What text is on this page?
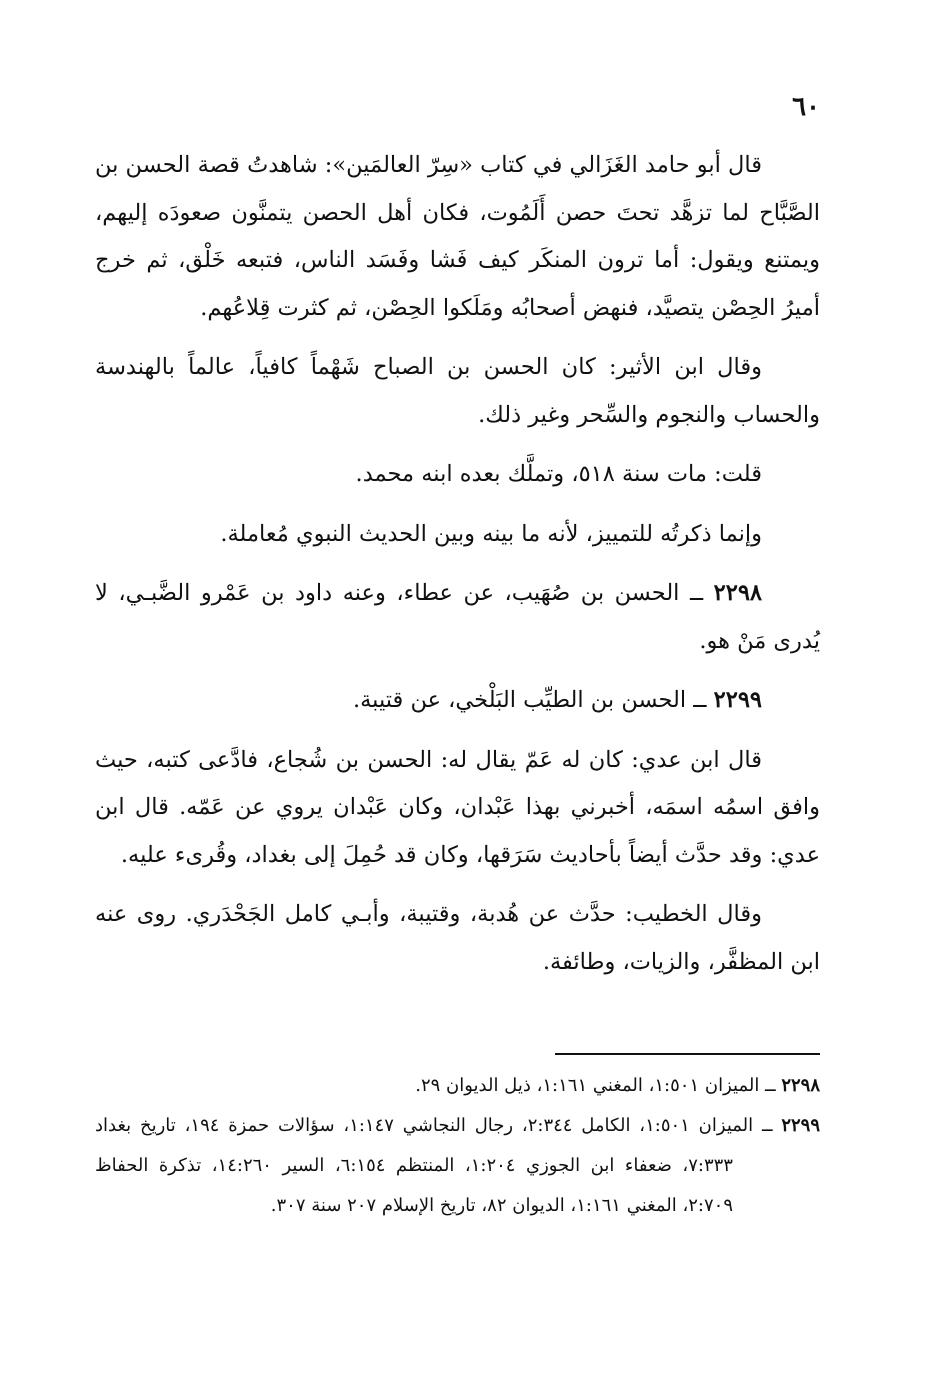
٦٠

قال أبو حامد الغَزَالي في كتاب «سِرّ العالمَين»: شاهدتُ قصة الحسن بن الصَّبَّاح لما تزهَّد تحتَ حصن أَلَمُوت، فكان أهل الحصن يتمنَّون صعودَه إليهم، ويمتنع ويقول: أما ترون المنكَر كيف فَشا وفَسَد الناس، فتبعه خَلْق، ثم خرج أميرُ الحِصْن يتصيَّد، فنهض أصحابُه ومَلَكوا الحِصْن، ثم كثرت قِلاعُهم.

وقال ابن الأثير: كان الحسن بن الصباح شَهْماً كافياً، عالماً بالهندسة والحساب والنجوم والسِّحر وغير ذلك.

قلت: مات سنة ٥١٨، وتملَّك بعده ابنه محمد.

وإنما ذكرتُه للتمييز، لأنه ما بينه وبين الحديث النبوي مُعاملة.

٢٢٩٨ ــ الحسن بن صُهَيب، عن عطاء، وعنه داود بن عَمْرو الضَّبـي، لا يُدرى مَنْ هو.

٢٢٩٩ ــ الحسن بن الطيِّب البَلْخي، عن قتيبة.

قال ابن عدي: كان له عَمّ يقال له: الحسن بن شُجاع، فادَّعى كتبه، حيث وافق اسمُه اسمَه، أخبرني بهذا عَبْدان، وكان عَبْدان يروي عن عَمّه. قال ابن عدي: وقد حدَّث أيضاً بأحاديث سَرَقها، وكان قد حُمِلَ إلى بغداد، وقُرىء عليه.

وقال الخطيب: حدَّث عن هُدبة، وقتيبة، وأبـي كامل الجَحْدَري. روى عنه ابن المظفَّر، والزيات، وطائفة.

٢٢٩٨ ــ الميزان ١:٥٠١، المغني ١:١٦١، ذيل الديوان ٢٩.

٢٢٩٩ ــ الميزان ١:٥٠١، الكامل ٢:٣٤٤، رجال النجاشي ١:١٤٧، سؤالات حمزة ١٩٤، تاريخ بغداد ٧:٣٣٣، ضعفاء ابن الجوزي ١:٢٠٤، المنتظم ٦:١٥٤، السير ١٤:٢٦٠، تذكرة الحفاظ ٢:٧٠٩، المغني ١:١٦١، الديوان ٨٢، تاريخ الإسلام ٢٠٧ سنة ٣٠٧.
